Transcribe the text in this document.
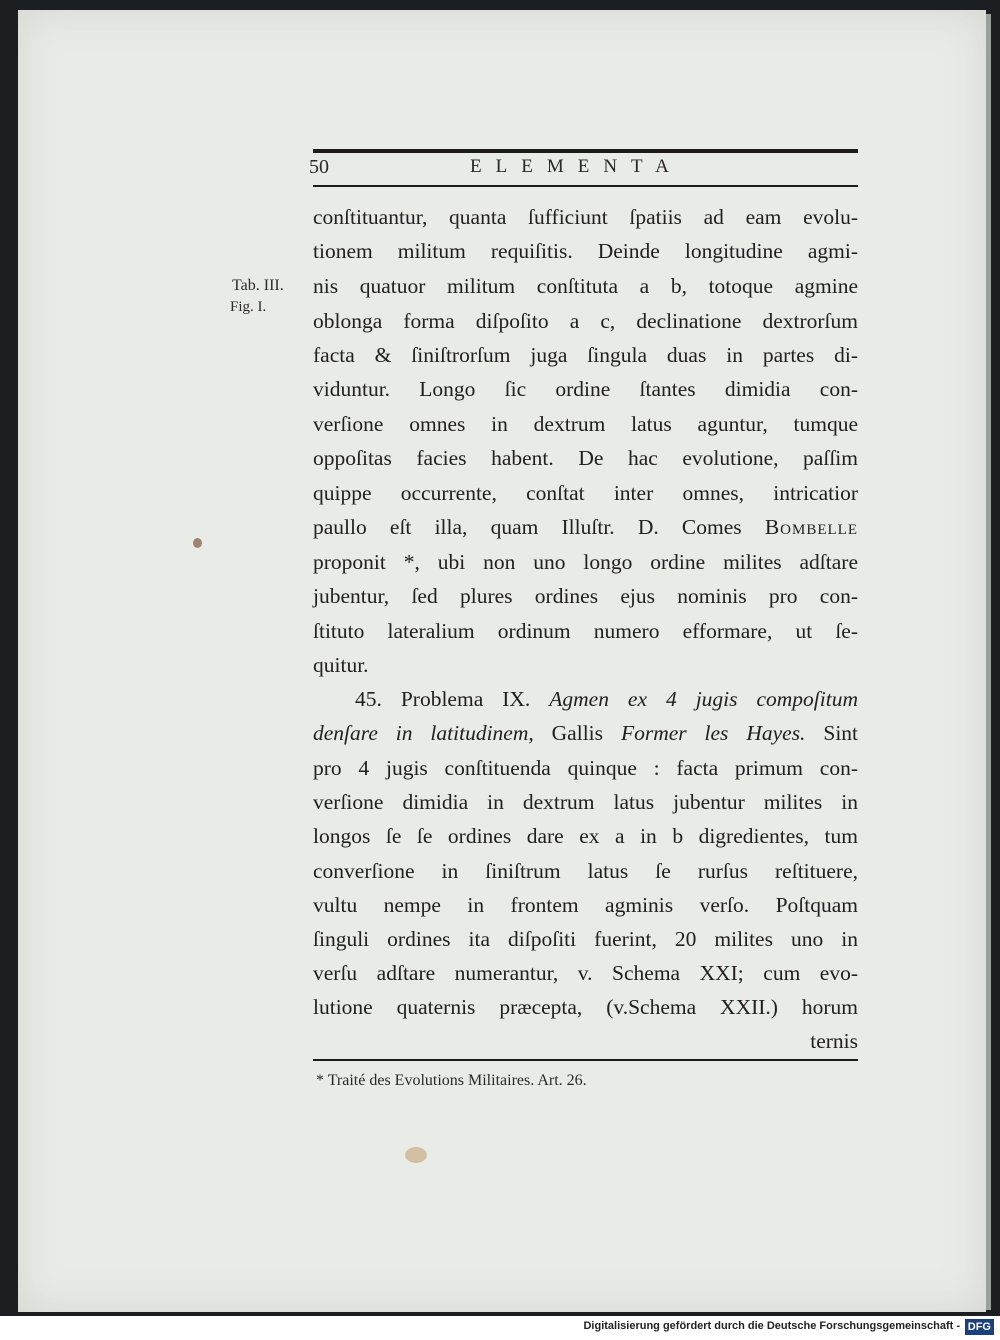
50	ELEMENTA
Tab. III.
Fig. I.
conſtituantur, quanta ſufficiunt ſpatiis ad eam evolu-
tionem militum requiſitis. Deinde longitudine agmi-
nis quatuor militum conſtituta a b, totoque agmine
oblonga forma diſpoſito a c, declinatione dextrorſum
facta & ſiniſtrorſum juga ſingula duas in partes di-
viduntur. Longo ſic ordine ſtantes dimidia con-
verſione omnes in dextrum latus aguntur, tumque
oppoſitas facies habent. De hac evolutione, paſſim
quippe occurrente, conſtat inter omnes, intricatior
paullo eſt illa, quam Illuſtr. D. Comes Bombelle
proponit *, ubi non uno longo ordine milites adſtare
jubentur, ſed plures ordines ejus nominis pro con-
ſtituto lateralium ordinum numero efformare, ut ſe-
quitur.
45. Problema IX. Agmen ex 4 jugis compoſitum
denſare in latitudinem, Gallis Former les Hayes. Sint
pro 4 jugis conſtituenda quinque : facta primum con-
verſione dimidia in dextrum latus jubentur milites in
longos ſe ſe ordines dare ex a in b digredientes, tum
converſione in ſiniſtrum latus ſe rurſus reſtituere,
vultu nempe in frontem agminis verſo. Poſtquam
ſinguli ordines ita diſpoſiti fuerint, 20 milites uno in
verſu adſtare numerantur, v. Schema XXI; cum evo-
lutione quaternis præcepta, (v.Schema XXII.) horum
ternis
* Traité des Evolutions Militaires. Art. 26.
Digitalisierung gefördert durch die Deutsche Forschungsgemeinschaft - DFG
